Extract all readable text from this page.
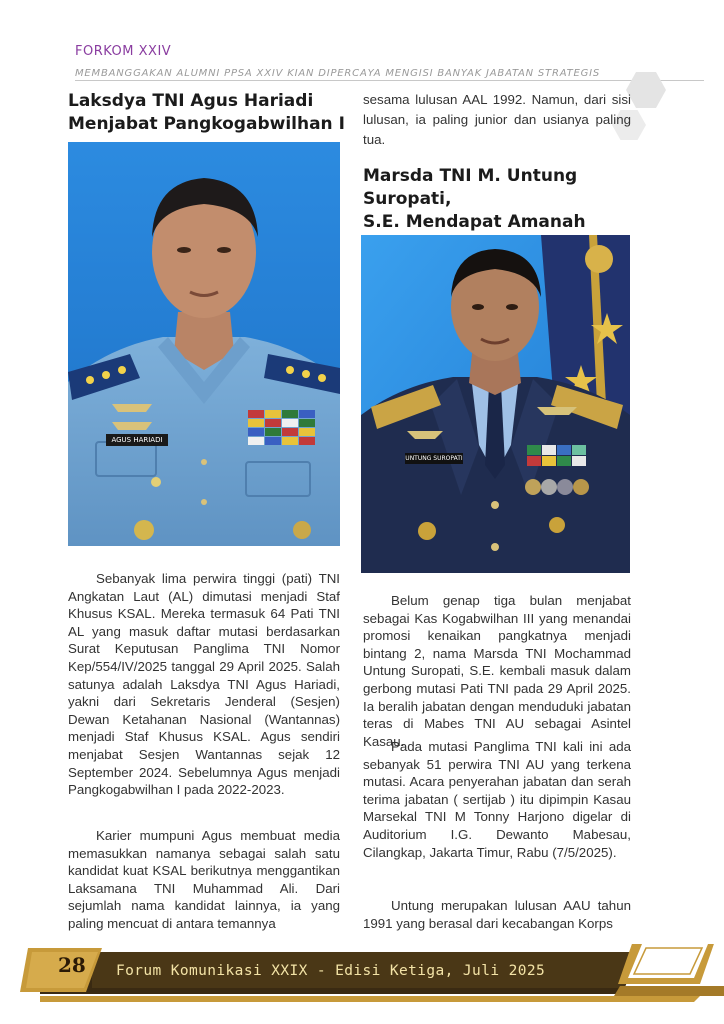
FORKOM XXIV
MEMBANGGAKAN ALUMNI PPSA XXIV KIAN DIPERCAYA MENGISI BANYAK JABATAN STRATEGIS
Laksdya TNI Agus Hariadi
Menjabat Pangkogabwilhan I
AGUS HARIADI
Sebanyak lima perwira tinggi (pati) TNI Angkatan Laut (AL) dimutasi menjadi Staf Khusus KSAL. Mereka termasuk 64 Pati TNI AL yang masuk daftar mutasi berdasarkan Surat Keputusan Panglima TNI Nomor Kep/554/IV/2025 tanggal 29 April 2025. Salah satunya adalah Laksdya TNI Agus Hariadi, yakni dari Sekretaris Jenderal (Sesjen) Dewan Ketahanan Nasional (Wantannas) menjadi Staf Khusus KSAL. Agus sendiri menjabat Sesjen Wantannas sejak 12 September 2024. Sebelumnya Agus menjadi Pangkogabwilhan I pada 2022-2023.
Karier mumpuni Agus membuat media memasukkan namanya sebagai salah satu kandidat kuat KSAL berikutnya menggantikan Laksamana TNI Muhammad Ali. Dari sejumlah nama kandidat lainnya, ia yang paling mencuat di antara temannya
sesama lulusan AAL 1992. Namun, dari sisi lulusan, ia paling junior dan usianya paling tua.
Marsda TNI M. Untung Suropati,
S.E. Mendapat Amanah
UNTUNG SUROPATI
Belum genap tiga bulan menjabat sebagai Kas Kogabwilhan III yang menandai promosi kenaikan pangkatnya menjadi bintang 2, nama Marsda TNI Mochammad Untung Suropati, S.E. kembali masuk dalam gerbong mutasi Pati TNI pada 29 April 2025. Ia beralih jabatan dengan menduduki jabatan teras di Mabes TNI AU sebagai Asintel Kasau.
Pada mutasi Panglima TNI kali ini ada sebanyak 51 perwira TNI AU yang terkena mutasi. Acara penyerahan jabatan dan serah terima jabatan ( sertijab ) itu dipimpin Kasau Marsekal TNI M Tonny Harjono digelar di Auditorium I.G. Dewanto Mabesau, Cilangkap, Jakarta Timur, Rabu (7/5/2025).
Untung merupakan lulusan AAU tahun 1991 yang berasal dari kecabangan Korps
28 Forum Komunikasi XXIX - Edisi Ketiga, Juli 2025
